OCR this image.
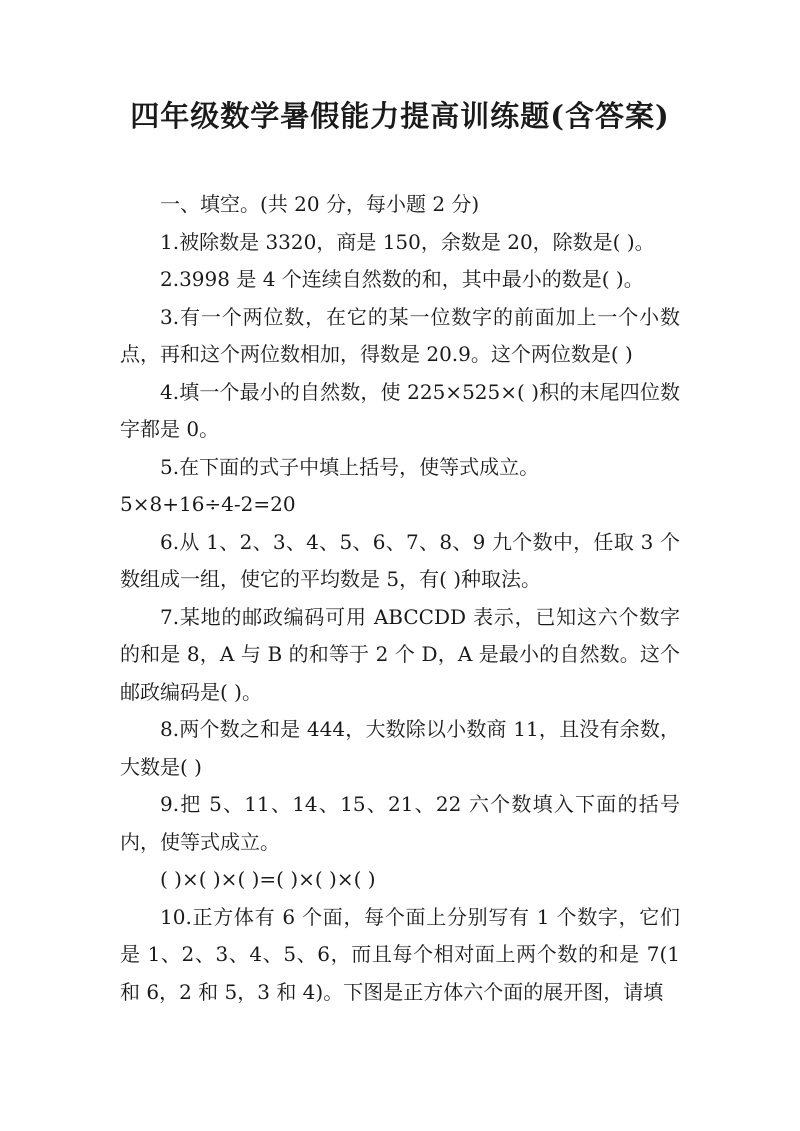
四年级数学暑假能力提高训练题(含答案)

一、填空。(共 20 分，每小题 2 分)

1.被除数是 3320，商是 150，余数是 20，除数是( )。

2.3998 是 4 个连续自然数的和，其中最小的数是( )。

3.有一个两位数，在它的某一位数字的前面加上一个小数点，再和这个两位数相加，得数是 20.9。这个两位数是( )

4.填一个最小的自然数，使 225×525×( )积的末尾四位数字都是 0。

5.在下面的式子中填上括号，使等式成立。

5×8+16÷4-2=20

6.从 1、2、3、4、5、6、7、8、9 九个数中，任取 3 个数组成一组，使它的平均数是 5，有( )种取法。

7.某地的邮政编码可用 ABCCDD 表示，已知这六个数字的和是 8，A 与 B 的和等于 2 个 D，A 是最小的自然数。这个邮政编码是( )。

8.两个数之和是 444，大数除以小数商 11，且没有余数，大数是( )

9.把 5、11、14、15、21、22 六个数填入下面的括号内，使等式成立。

( )×( )×( )=( )×( )×( )

10.正方体有 6 个面，每个面上分别写有 1 个数字，它们是 1、2、3、4、5、6，而且每个相对面上两个数的和是 7(1 和 6，2 和 5，3 和 4)。下图是正方体六个面的展开图，请填
